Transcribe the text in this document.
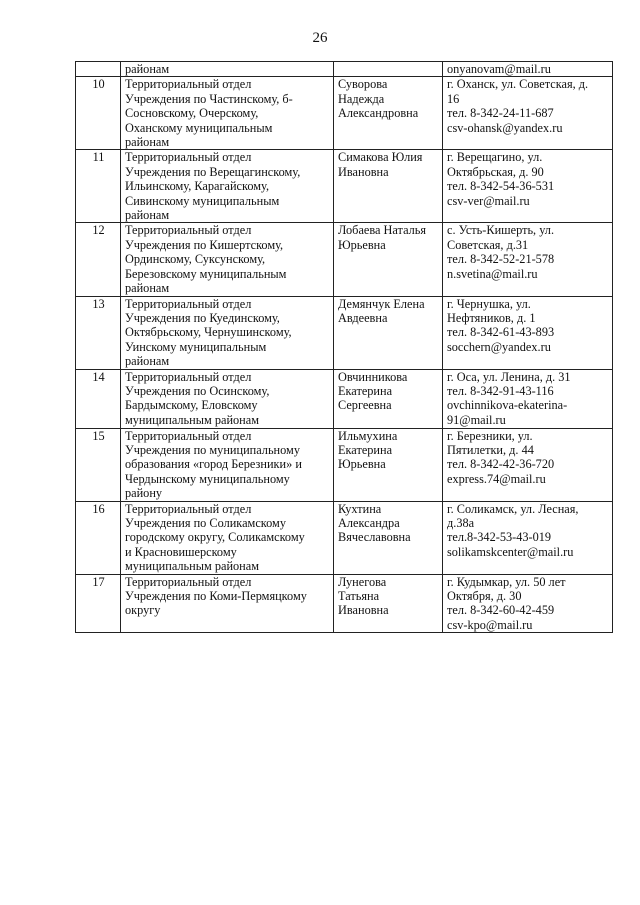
26

	районам		onyanovam@mail.ru

10	Территориальный отдел
Учреждения по Частинскому, б-
Сосновскому, Очерскому,
Оханскому муниципальным
районам	Суворова
Надежда
Александровна	г. Оханск, ул. Советская, д.
16
тел. 8-342-24-11-687
csv-ohansk@yandex.ru

11	Территориальный отдел
Учреждения по Верещагинскому,
Ильинскому, Карагайскому,
Сивинскому муниципальным
районам	Симакова Юлия
Ивановна	г. Верещагино, ул.
Октябрьская, д. 90
тел. 8-342-54-36-531
csv-ver@mail.ru

12	Территориальный отдел
Учреждения по Кишертскому,
Ординскому, Суксунскому,
Березовскому муниципальным
районам	Лобаева Наталья
Юрьевна	с. Усть-Кишерть, ул.
Советская, д.31
тел. 8-342-52-21-578
n.svetina@mail.ru

13	Территориальный отдел
Учреждения по Куединскому,
Октябрьскому, Чернушинскому,
Уинскому муниципальным
районам	Демянчук Елена
Авдеевна	г. Чернушка, ул.
Нефтяников, д. 1
тел. 8-342-61-43-893
socchern@yandex.ru

14	Территориальный отдел
Учреждения по Осинскому,
Бардымскому, Еловскому
муниципальным районам	Овчинникова
Екатерина
Сергеевна	г. Оса, ул. Ленина, д. 31
тел. 8-342-91-43-116
ovchinnikova-ekaterina-
91@mail.ru

15	Территориальный отдел
Учреждения по муниципальному
образования «город Березники» и
Чердынскому муниципальному
району	Ильмухина
Екатерина
Юрьевна	г. Березники, ул.
Пятилетки, д. 44
тел. 8-342-42-36-720
express.74@mail.ru

16	Территориальный отдел
Учреждения по Соликамскому
городскому округу, Соликамскому
и Красновишерскому
муниципальным районам	Кухтина
Александра
Вячеславовна	г. Соликамск, ул. Лесная,
д.38а
тел.8-342-53-43-019
solikamskcenter@mail.ru

17	Территориальный отдел
Учреждения по Коми-Пермяцкому
округу	Лунегова
Татьяна
Ивановна	г. Кудымкар, ул. 50 лет
Октября, д. 30
тел. 8-342-60-42-459
csv-kpo@mail.ru
